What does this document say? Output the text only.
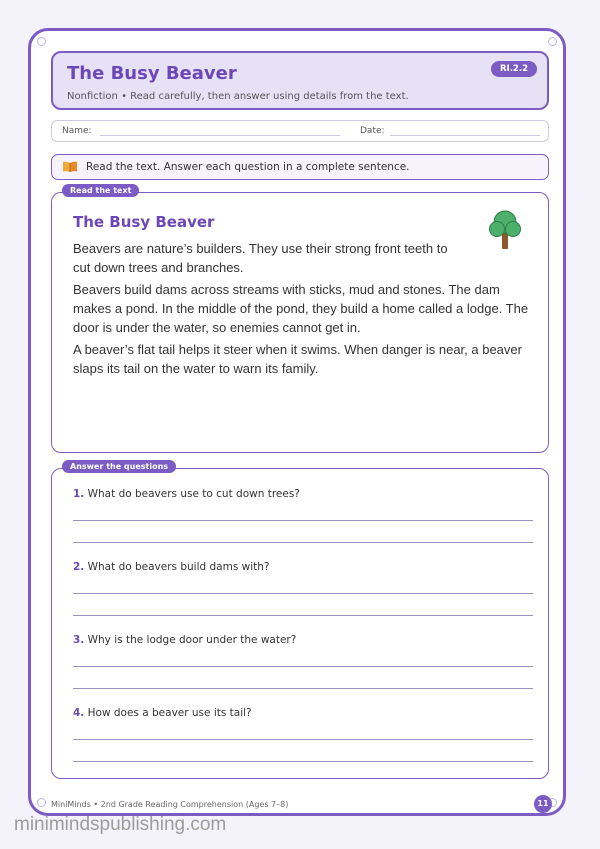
The Busy Beaver
Nonfiction • Read carefully, then answer using details from the text.
RI.2.2
Name:	Date:
Read the text. Answer each question in a complete sentence.
Read the text
The Busy Beaver
Beavers are nature’s builders. They use their strong front teeth to cut down trees and branches.
Beavers build dams across streams with sticks, mud and stones. The dam makes a pond. In the middle of the pond, they build a home called a lodge. The door is under the water, so enemies cannot get in.
A beaver’s flat tail helps it steer when it swims. When danger is near, a beaver slaps its tail on the water to warn its family.
Answer the questions
1. What do beavers use to cut down trees?
2. What do beavers build dams with?
3. Why is the lodge door under the water?
4. How does a beaver use its tail?
MiniMinds • 2nd Grade Reading Comprehension (Ages 7–8)	11
minimindspublishing.com
